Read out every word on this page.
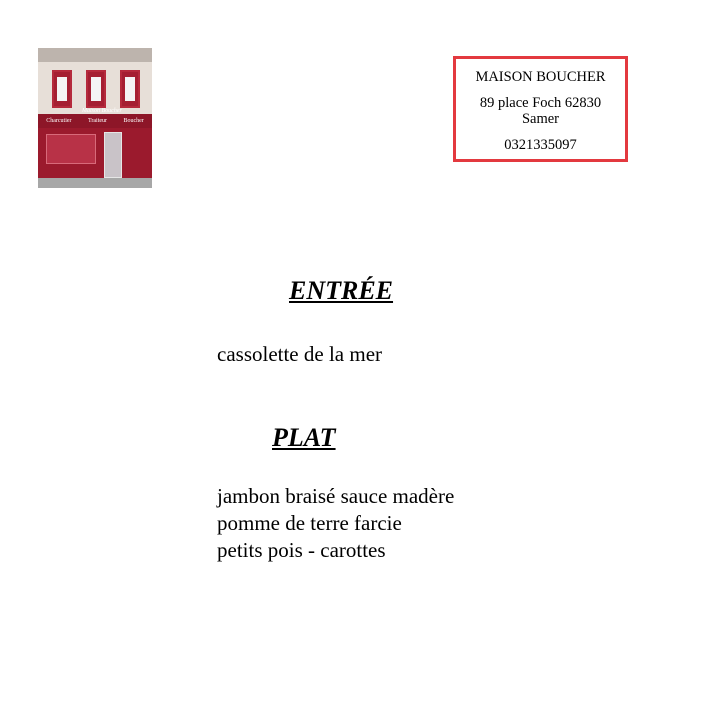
Charcutier	Traiteur	Boucher
Maison Boucher
MAISON BOUCHER
89 place Foch 62830
Samer
0321335097
ENTRÉE
cassolette de la mer
PLAT
jambon braisé sauce madère
pomme de terre farcie
petits pois - carottes
